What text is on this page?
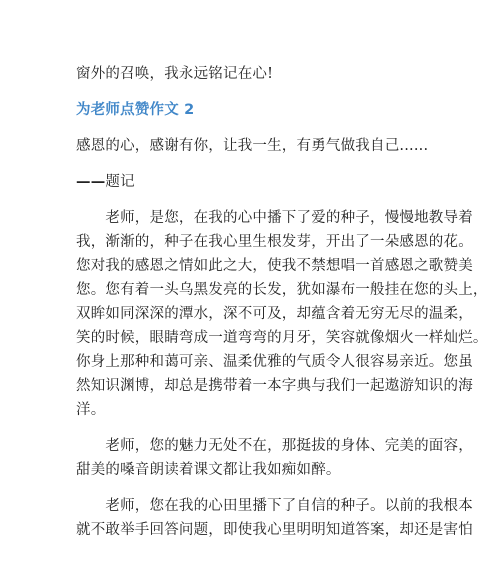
窗外的召唤，我永远铭记在心!
为老师点赞作文 2
感恩的心，感谢有你，让我一生，有勇气做我自己......
——题记
　　老师，是您，在我的心中播下了爱的种子，慢慢地教导着
我，渐渐的，种子在我心里生根发芽，开出了一朵感恩的花。
您对我的感恩之情如此之大，使我不禁想唱一首感恩之歌赞美
您。您有着一头乌黑发亮的长发，犹如瀑布一般挂在您的头上，
双眸如同深深的潭水，深不可及，却蕴含着无穷无尽的温柔，
笑的时候，眼睛弯成一道弯弯的月牙，笑容就像烟火一样灿烂。
你身上那种和蔼可亲、温柔优雅的气质令人很容易亲近。您虽
然知识渊博，却总是携带着一本字典与我们一起遨游知识的海
洋。
　　老师，您的魅力无处不在，那挺拔的身体、完美的面容，
甜美的嗓音朗读着课文都让我如痴如醉。
　　老师，您在我的心田里播下了自信的种子。以前的我根本
就不敢举手回答问题，即使我心里明明知道答案，却还是害怕
